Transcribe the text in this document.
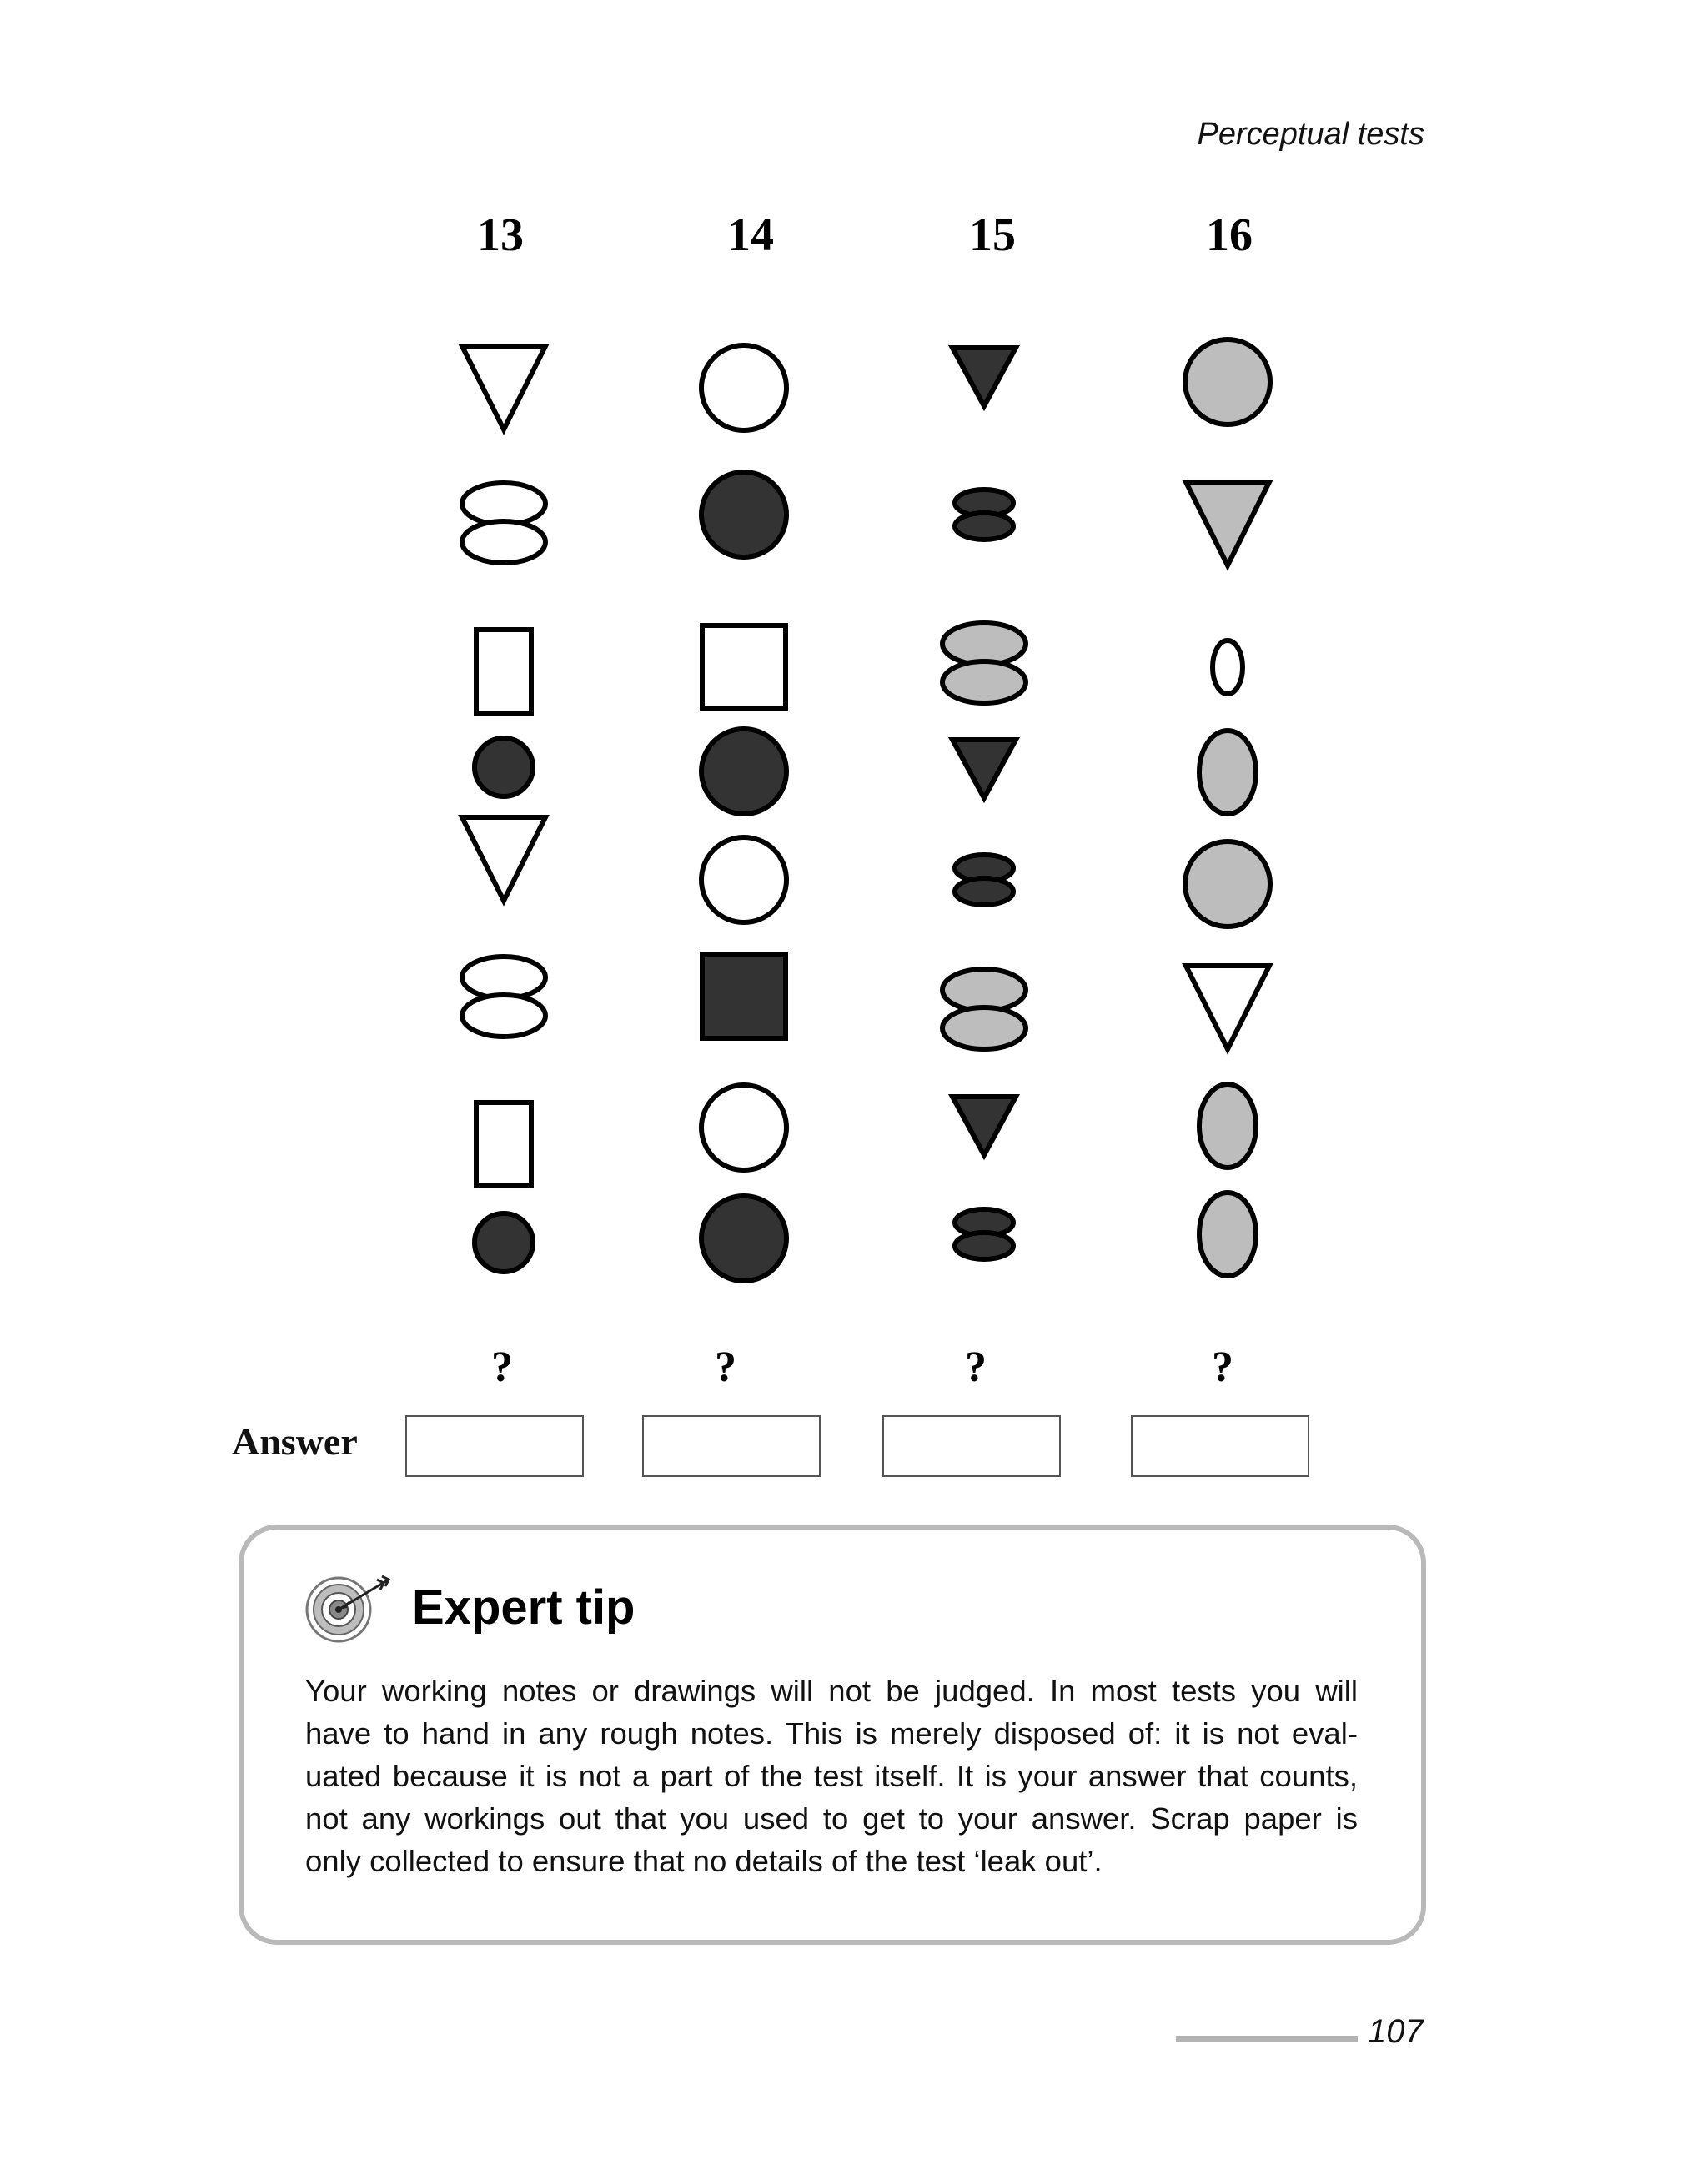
Perceptual tests
13	14	15	16
?	?	?	?
Answer
Expert tip
Your working notes or drawings will not be judged. In most tests you will
have to hand in any rough notes. This is merely disposed of: it is not eval-
uated because it is not a part of the test itself. It is your answer that counts,
not any workings out that you used to get to your answer. Scrap paper is
only collected to ensure that no details of the test ‘leak out’.
107
